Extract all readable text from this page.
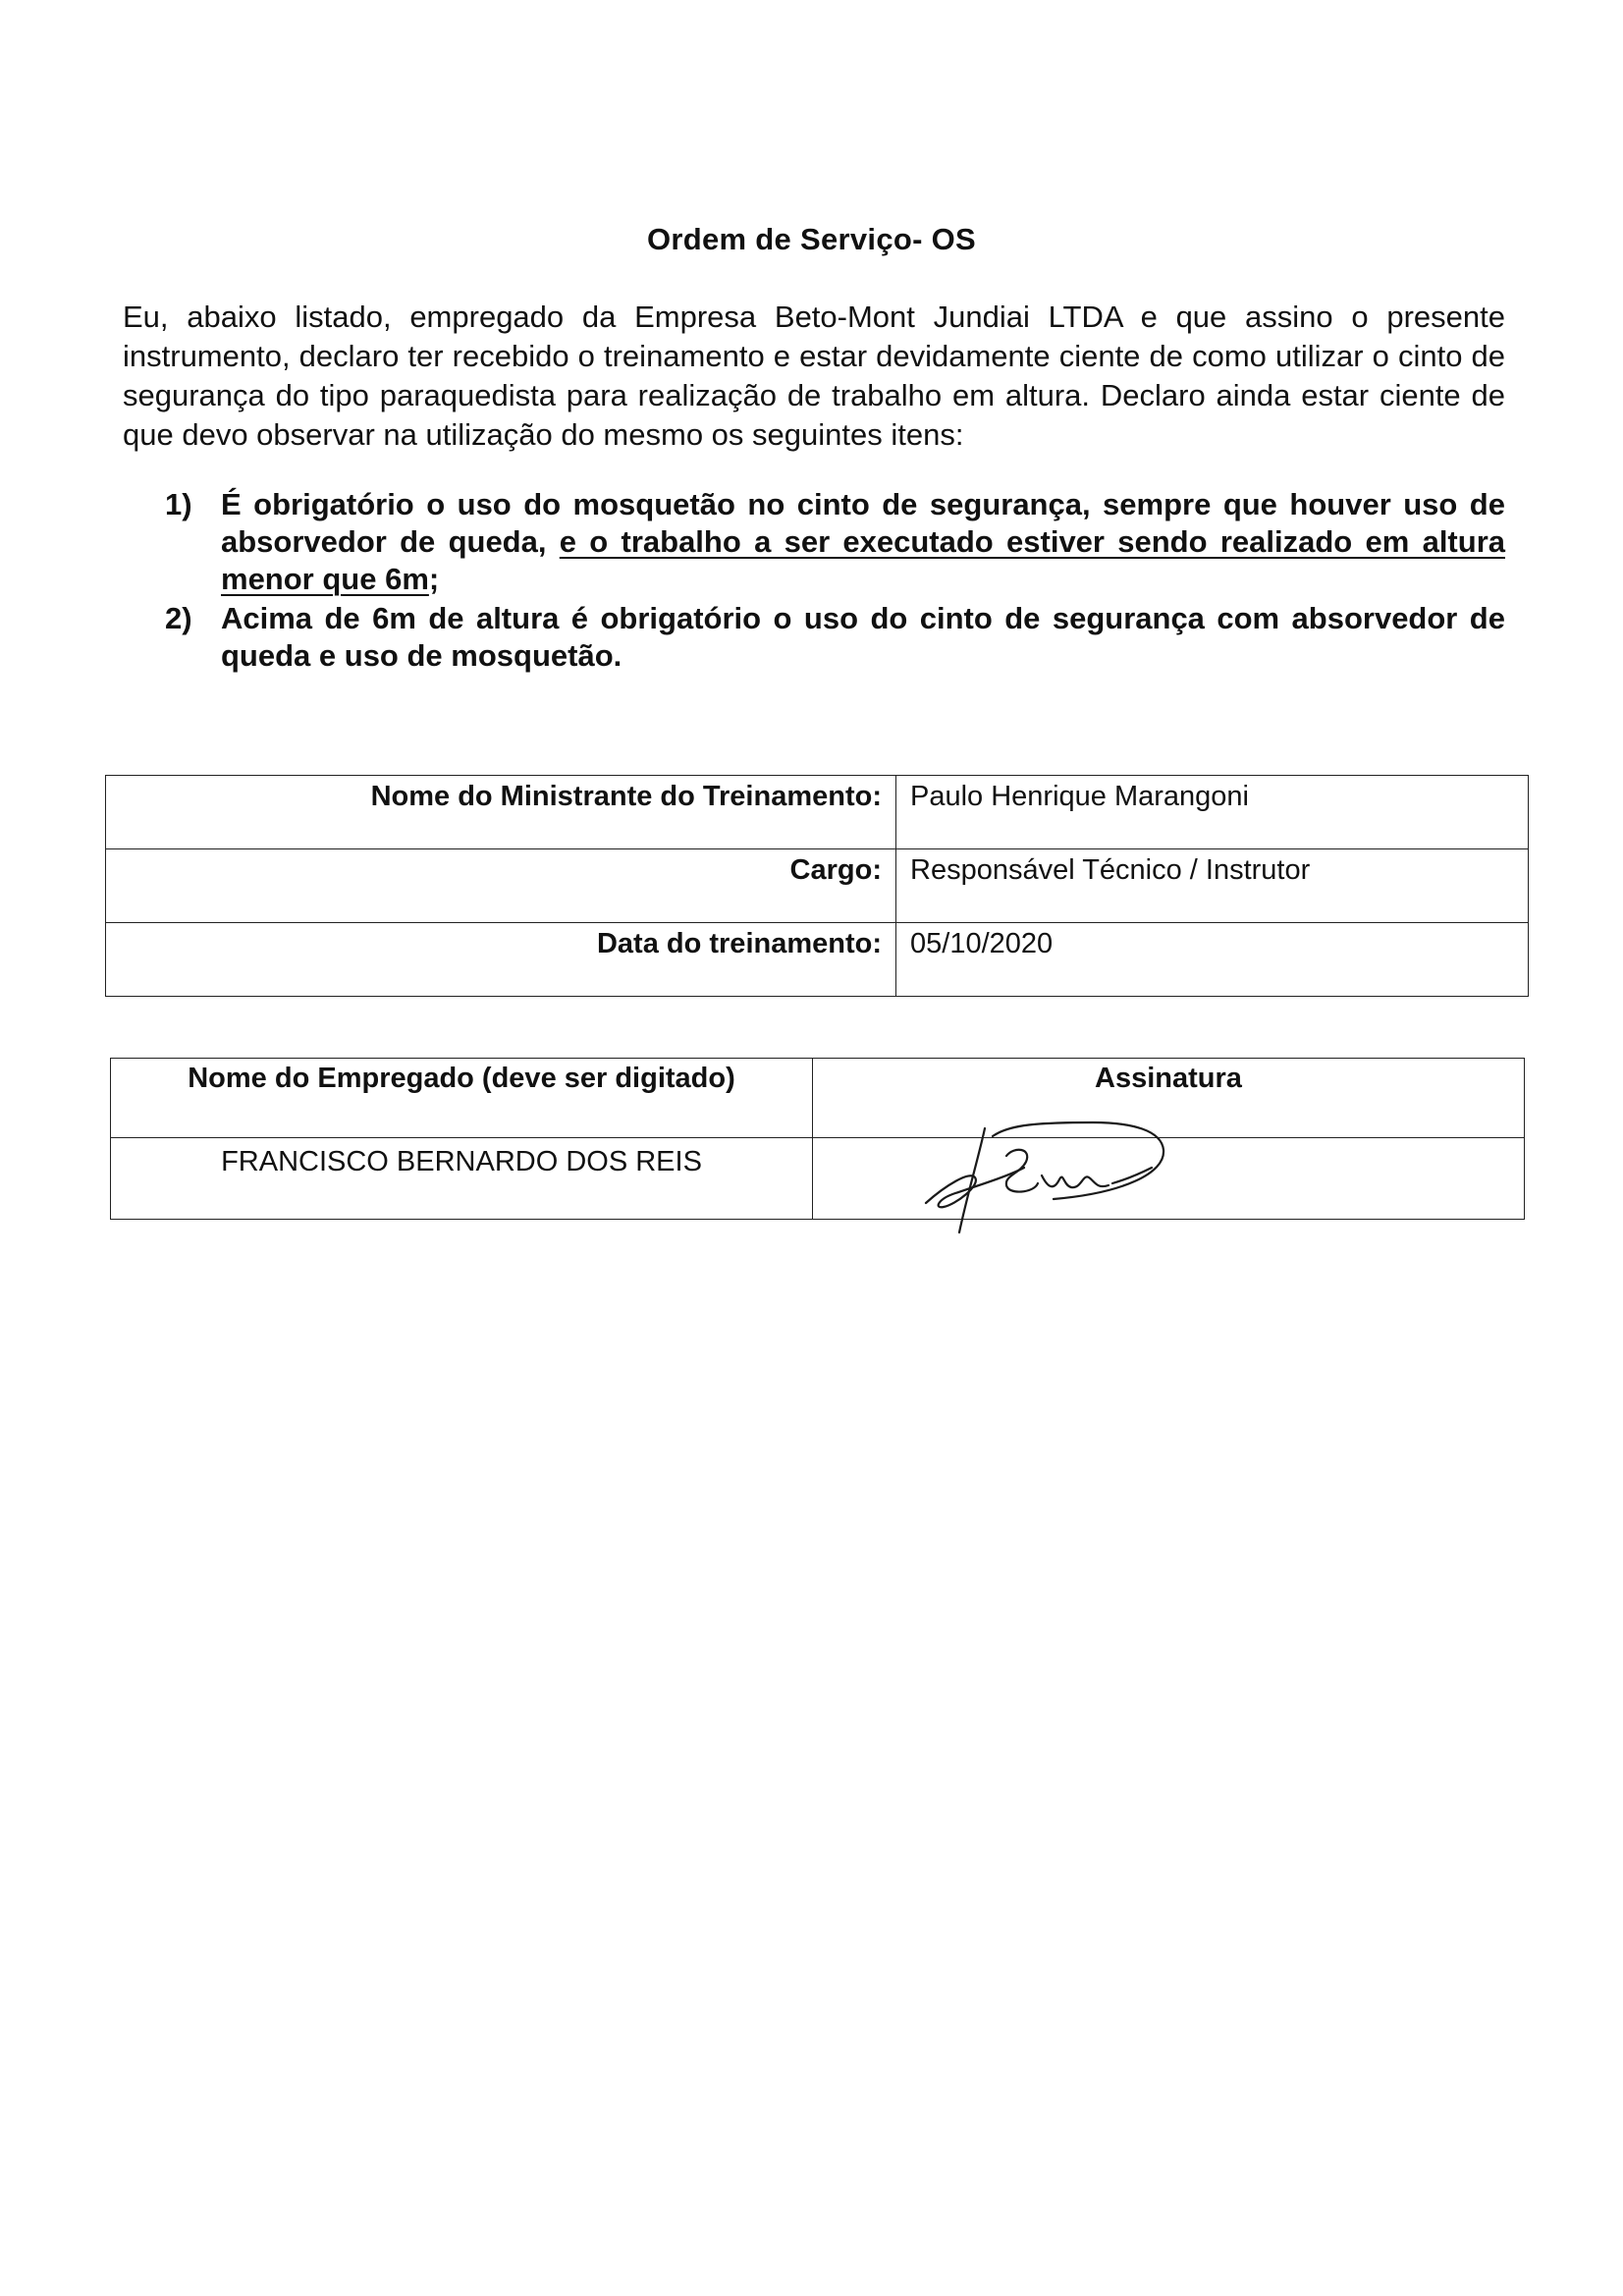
Ordem de Serviço- OS
Eu, abaixo listado, empregado da Empresa Beto-Mont Jundiai LTDA e que assino o presente instrumento, declaro ter recebido o treinamento e estar devidamente ciente de como utilizar o cinto de segurança do tipo paraquedista para realização de trabalho em altura. Declaro ainda estar ciente de que devo observar na utilização do mesmo os seguintes itens:
1) É obrigatório o uso do mosquetão no cinto de segurança, sempre que houver uso de absorvedor de queda, e o trabalho a ser executado estiver sendo realizado em altura menor que 6m;
2) Acima de 6m de altura é obrigatório o uso do cinto de segurança com absorvedor de queda e uso de mosquetão.
Nome do Ministrante do Treinamento:	Paulo Henrique Marangoni
Cargo:	Responsável Técnico / Instrutor
Data do treinamento:	05/10/2020
Nome do Empregado (deve ser digitado)	Assinatura
FRANCISCO BERNARDO DOS REIS	
